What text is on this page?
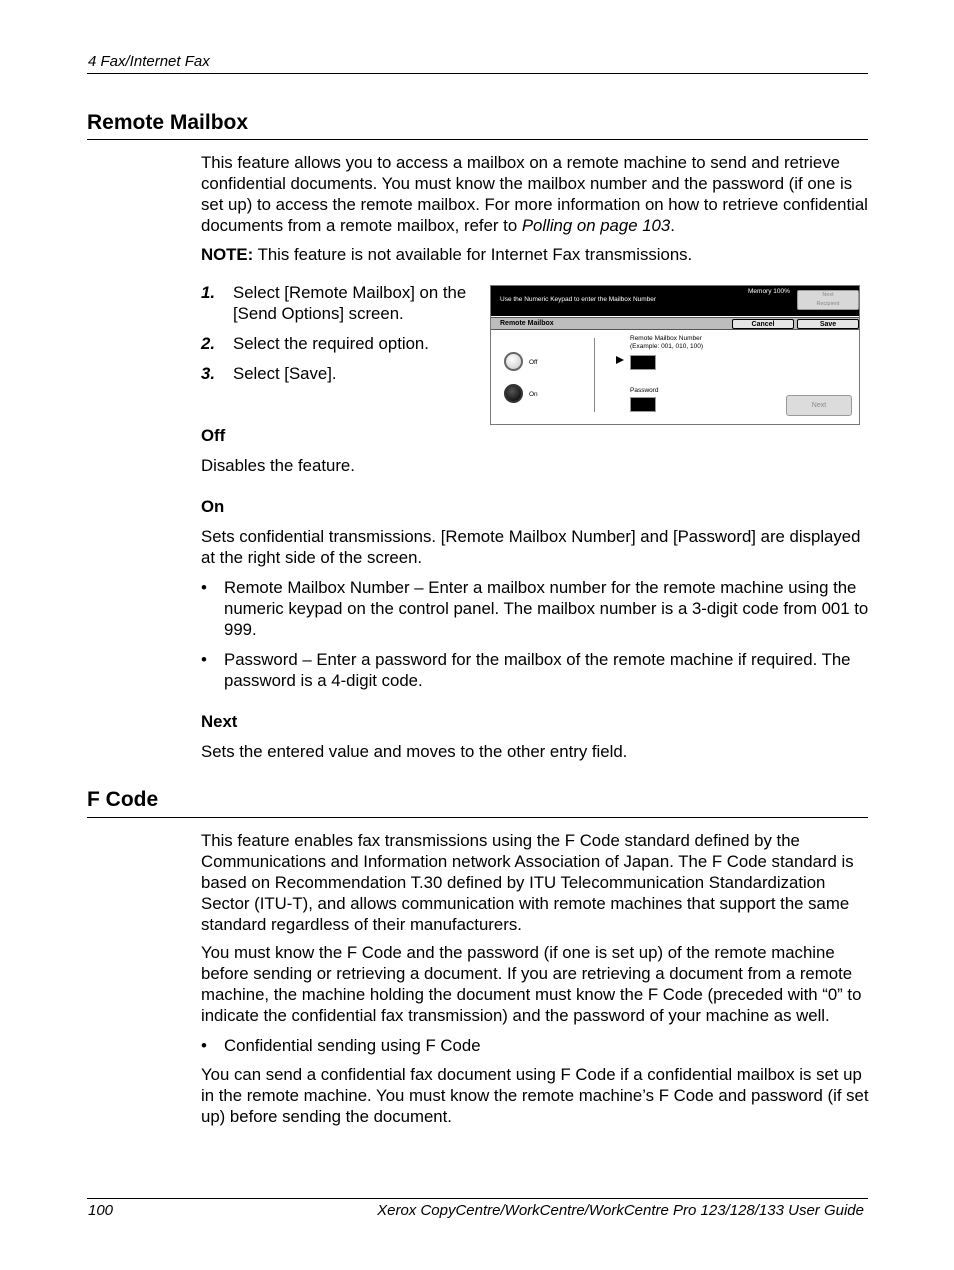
4 Fax/Internet Fax
Remote Mailbox

This feature allows you to access a mailbox on a remote machine to send and retrieve confidential documents. You must know the mailbox number and the password (if one is set up) to access the remote mailbox. For more information on how to retrieve confidential documents from a remote mailbox, refer to Polling on page 103.

NOTE: This feature is not available for Internet Fax transmissions.

1.	Select [Remote Mailbox] on the [Send Options] screen.
2.	Select the required option.
3.	Select [Save].
Use the Numeric Keypad to enter the Mailbox Number
Memory 100%	Next
Recipient
Remote Mailbox	Cancel	Save
Off
On
Remote Mailbox Number
(Example: 001, 010, 100)
Password
Next
Off

Disables the feature.

On

Sets confidential transmissions. [Remote Mailbox Number] and [Password] are displayed at the right side of the screen.

•	Remote Mailbox Number – Enter a mailbox number for the remote machine using the numeric keypad on the control panel. The mailbox number is a 3-digit code from 001 to 999.
•	Password – Enter a password for the mailbox of the remote machine if required. The password is a 4-digit code.
Next

Sets the entered value and moves to the other entry field.

F Code

This feature enables fax transmissions using the F Code standard defined by the Communications and Information network Association of Japan. The F Code standard is based on Recommendation T.30 defined by ITU Telecommunication Standardization Sector (ITU-T), and allows communication with remote machines that support the same standard regardless of their manufacturers.

You must know the F Code and the password (if one is set up) of the remote machine before sending or retrieving a document. If you are retrieving a document from a remote machine, the machine holding the document must know the F Code (preceded with “0” to indicate the confidential fax transmission) and the password of your machine as well.

•	Confidential sending using F Code

You can send a confidential fax document using F Code if a confidential mailbox is set up in the remote machine. You must know the remote machine’s F Code and password (if set up) before sending the document.

100	Xerox CopyCentre/WorkCentre/WorkCentre Pro 123/128/133 User Guide
